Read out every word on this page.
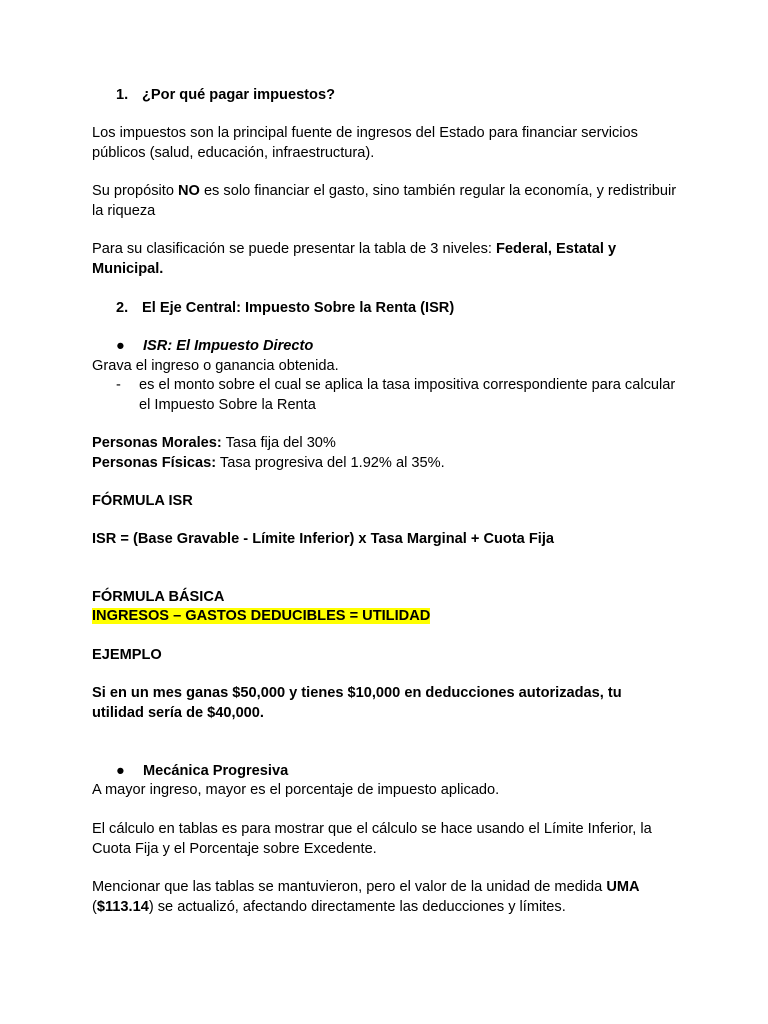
1. ¿Por qué pagar impuestos?

Los impuestos son la principal fuente de ingresos del Estado para financiar servicios públicos (salud, educación, infraestructura).

Su propósito NO es solo financiar el gasto, sino también regular la economía, y redistribuir la riqueza

Para su clasificación se puede presentar la tabla de 3 niveles: Federal, Estatal y Municipal.

2. El Eje Central: Impuesto Sobre la Renta (ISR)
●	ISR: El Impuesto Directo

Grava el ingreso o ganancia obtenida.

-	es el monto sobre el cual se aplica la tasa impositiva correspondiente para calcular el Impuesto Sobre la Renta

Personas Morales: Tasa fija del 30%

Personas Físicas: Tasa progresiva del 1.92% al 35%.

FÓRMULA ISR

ISR = (Base Gravable - Límite Inferior) x Tasa Marginal + Cuota Fija

FÓRMULA BÁSICA

INGRESOS – GASTOS DEDUCIBLES = UTILIDAD

EJEMPLO

Si en un mes ganas $50,000 y tienes $10,000 en deducciones autorizadas, tu utilidad sería de $40,000.

●	Mecánica Progresiva

A mayor ingreso, mayor es el porcentaje de impuesto aplicado.

El cálculo en tablas es para mostrar que el cálculo se hace usando el Límite Inferior, la Cuota Fija y el Porcentaje sobre Excedente.

Mencionar que las tablas se mantuvieron, pero el valor de la unidad de medida UMA ($113.14) se actualizó, afectando directamente las deducciones y límites.
